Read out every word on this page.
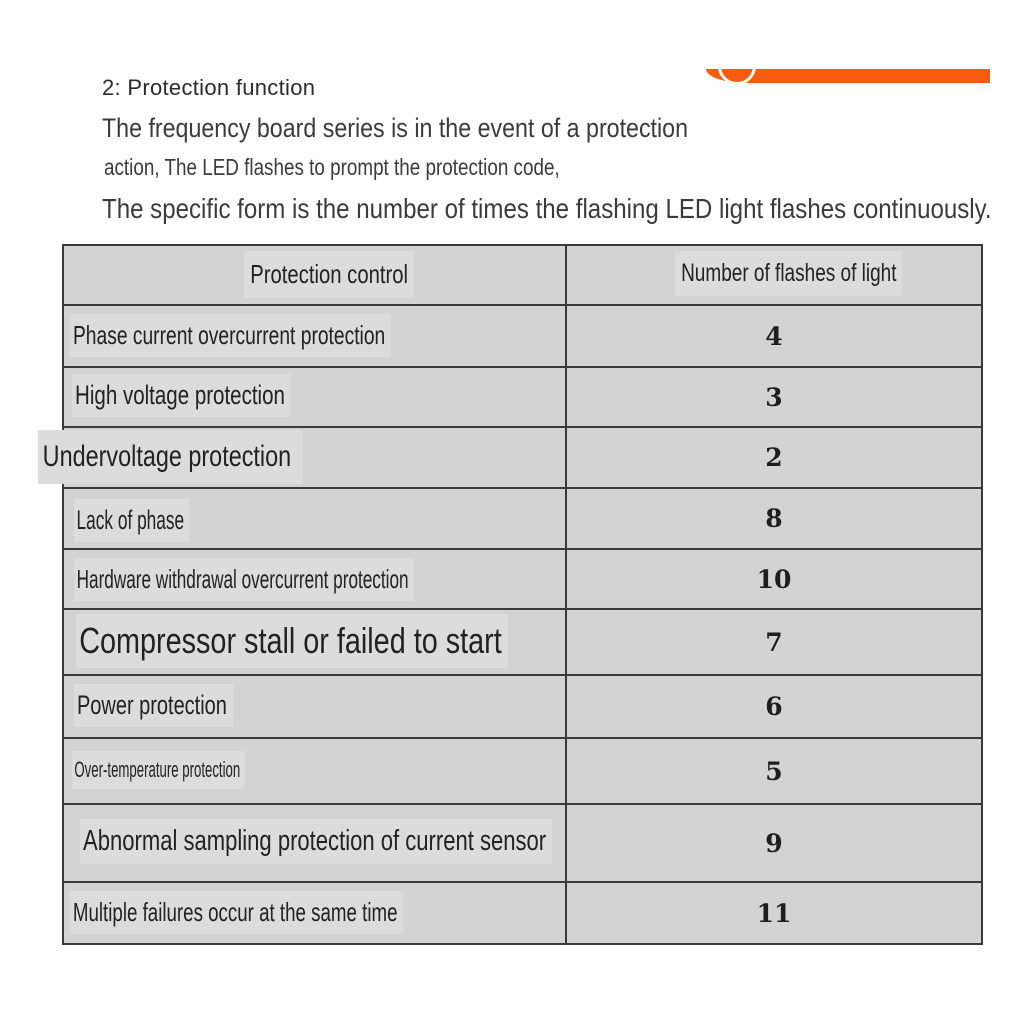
2: Protection function
The frequency board series is in the event of a protection
action, The LED flashes to prompt the protection code,
The specific form is the number of times the flashing LED light flashes continuously.
Protection control	Number of flashes of light
Phase current overcurrent protection	4
High voltage protection	3
Undervoltage protection	2
Lack of phase	8
Hardware withdrawal overcurrent protection	10
Compressor stall or failed to start	7
Power protection	6
Over-temperature protection	5
Abnormal sampling protection of current sensor	9
Multiple failures occur at the same time	11
